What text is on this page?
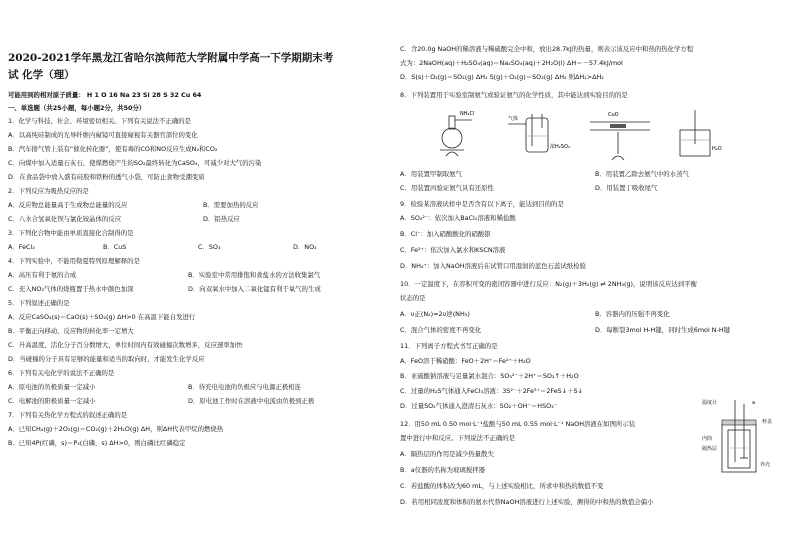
2020-2021学年黑龙江省哈尔滨师范大学附属中学高一下学期期末考
试 化学（理）
可能用到的相对原子质量： H 1 O 16 Na 23 Si 28 S 32 Cu 64
一、单选题（共25小题，每小题2分，共50分）
1．化学与科技、社会、环境密切相关。下列有关说法不正确的是
A．以高纯硅制成的光导纤维内窥镜可直接窥视有关器官部位的变化
B．汽车排气管上装有“催化转化器”，使有毒的CO和NO反应生成N₂和CO₂
C．向煤中加入适量石灰石，使煤燃烧产生的SO₂最终转化为CaSO₄，可减少对大气的污染
D．在食品袋中放入盛有硅胶和铁粉的透气小袋，可防止食物受潮变质
2．下列反应为吸热反应的是
A．反应物总能量高于生成物总能量的反应	B．需要加热的反应
C．八水合氢氧化钡与氯化铵晶体的反应	D．铝热反应
3．下列化合物中能由单质直接化合制得的是
A．FeCl₂	B．CuS	C．SO₃	D．NO₂
4．下列实验中，不能用勒夏特列原理解释的是
A．高压有利于氨的合成	B．实验室中常用排饱和食盐水的方法收集氯气
C．充入NO₂气体的烧瓶置于热水中颜色加深	D．向双氧水中加入二氧化锰有利于氧气的生成
5．下列叙述正确的是
A．反应CaSO₄(s)＝CaO(s)＋SO₂(g) ΔH>0 在高温下能自发进行
B．平衡正向移动，反应物的转化率一定增大
C．升高温度，活化分子百分数增大，单位时间内有效碰撞次数增多，反应速率加快
D．当碰撞的分子具有足够的能量和适当的取向时，才能发生化学反应
6．下列有关电化学的说法不正确的是
A．原电池的负极质量一定减小	B．待充电电池的负极应与电源正极相连
C．电解池的阳极质量一定减小	D．原电池工作时在溶液中电流由负极到正极
7．下列有关热化学方程式的叙述正确的是
A．已知CH₄(g)＋2O₂(g)＝CO₂(g)＋2H₂O(g) ΔH，则ΔH代表甲烷的燃烧热
B．已知4P(红磷，s)＝P₄(白磷，s) ΔH>0，则白磷比红磷稳定
C．含20.0g NaOH的稀溶液与稀硫酸完全中和，放出28.7kJ的热量，则表示该反应中和热的热化学方程
式为：2NaOH(aq)＋H₂SO₄(aq)＝Na₂SO₄(aq)＋2H₂O(l) ΔH＝－57.4kJ/mol
D．S(s)＋O₂(g)＝SO₂(g) ΔH₁ S(g)＋O₂(g)＝SO₂(g) ΔH₂ 则ΔH₁>ΔH₂
8．下列装置用于实验室制氨气或验证氨气的化学性质，其中能达到实验目的的是
NH₄Cl
气体
浓H₂SO₄
CuO
H₂O
A．用装置甲制取氨气	B．用装置乙除去氨气中的水蒸气
C．用装置丙验证氨气具有还原性	D．用装置丁吸收尾气
9．检验某溶液试样中是否含有以下离子，能达到目的的是
A．SO₄²⁻：依次加入BaCl₂溶液和稀盐酸
B．Cl⁻：加入硝酸酸化的硝酸银
C．Fe²⁺：依次加入氯水和KSCN溶液
D．NH₄⁺：加入NaOH溶液后在试管口用湿润的蓝色石蕊试纸检验
10．一定温度下，在容积可变的密闭容器中进行反应：N₂(g)＋3H₂(g) ⇌ 2NH₃(g)，说明该反应达到平衡
状态的是
A．υ正(N₂)=2υ逆(NH₃)	B．容器内的压强不再变化
C．混合气体的密度不再变化	D．每断裂3mol H-H键，同时生成6mol N-H键
11．下列离子方程式书写正确的是
A．FeO溶于稀硝酸：FeO＋2H⁺＝Fe²⁺＋H₂O
B．亚硫酸钠溶液与足量氯水混合：SO₃²⁻＋2H⁺＝SO₂↑＋H₂O
C．过量的H₂S气体通入FeCl₃溶液：3S²⁻＋2Fe³⁺＝2FeS↓＋S↓
D．过量SO₂气体通入澄清石灰水：SO₂＋OH⁻＝HSO₃⁻
12．用50 mL 0.50 mol·L⁻¹盐酸与50 mL 0.55 mol·L⁻¹ NaOH溶液在如图所示装
置中进行中和反应。下列说法不正确的是
A．隔热层的作用是减少热量散失
B．a仪器的名称为玻璃搅拌器
C．若盐酸的体积改为60 mL，与上述实验相比，所求中和热的数值不变
D．若用相同浓度和体积的氨水代替NaOH溶液进行上述实验，测得的中和热的数值会偏小
温度计	a
杯盖
内筒
隔热层
外壳
